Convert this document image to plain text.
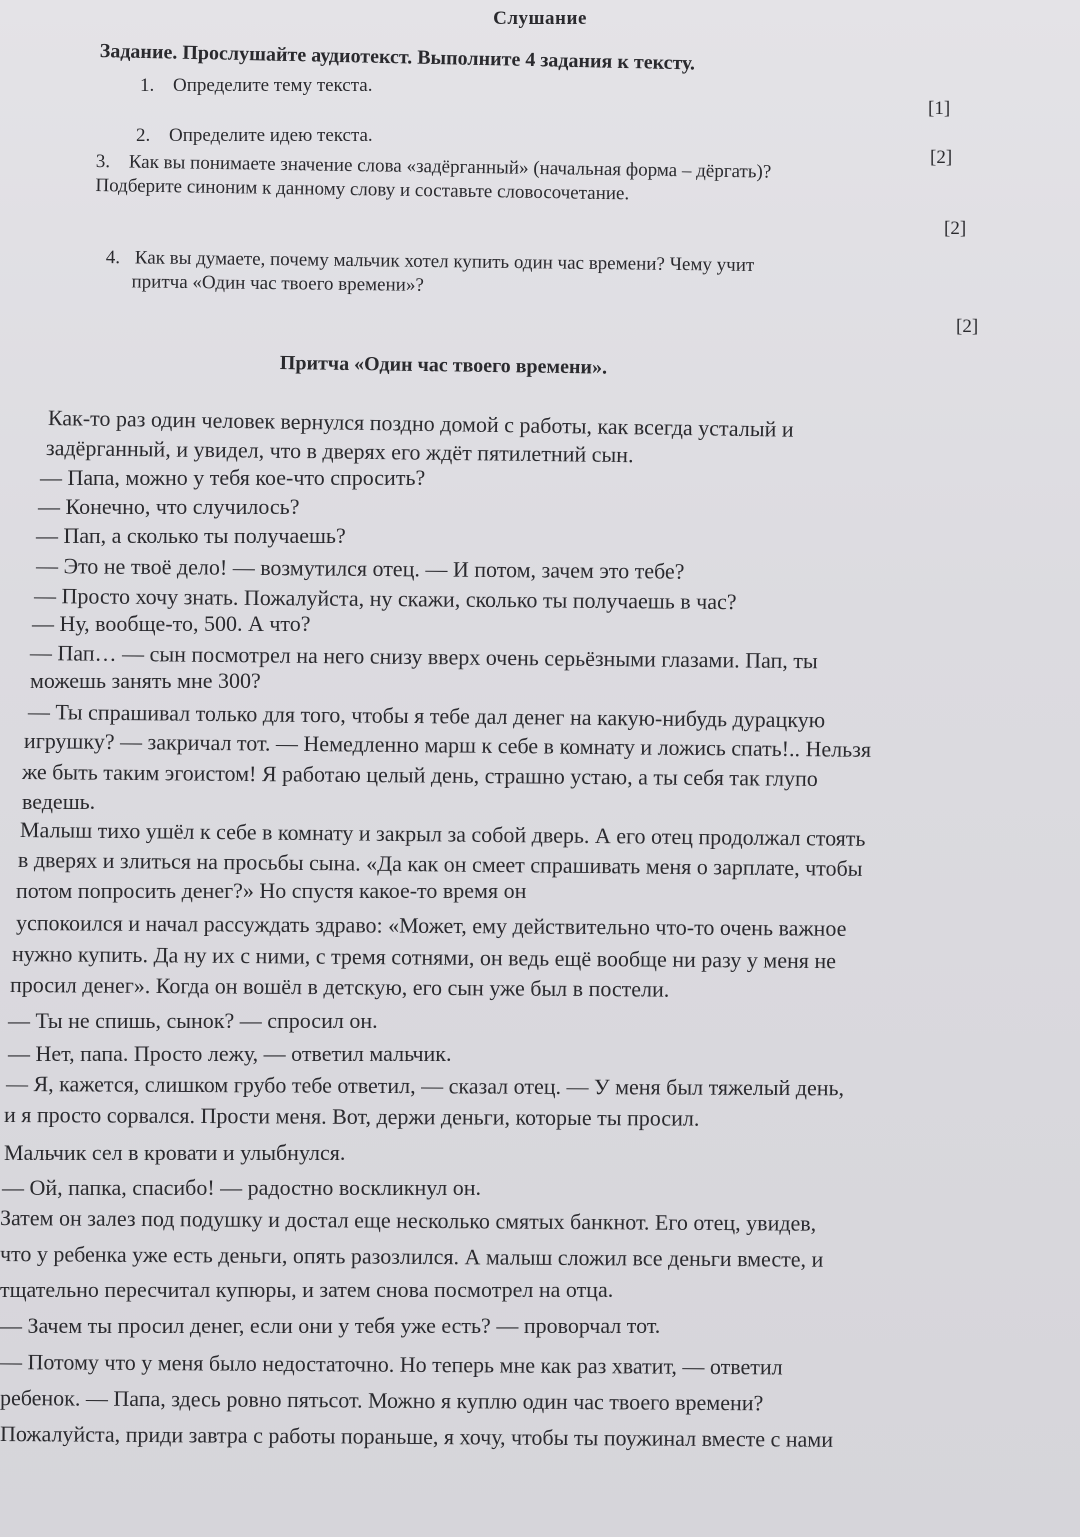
Слушание
Задание. Прослушайте аудиотекст. Выполните 4 задания к тексту.
1. Определите тему текста.
[1]
2. Определите идею текста.
[2]
3. Как вы понимаете значение слова «задёрганный» (начальная форма – дёргать)?
Подберите синоним к данному слову и составьте словосочетание.
[2]
4. Как вы думаете, почему мальчик хотел купить один час времени? Чему учит
притча «Один час твоего времени»?
[2]
Притча «Один час твоего времени».
Как-то раз один человек вернулся поздно домой с работы, как всегда усталый и
задёрганный, и увидел, что в дверях его ждёт пятилетний сын.
— Папа, можно у тебя кое-что спросить?
— Конечно, что случилось?
— Пап, а сколько ты получаешь?
— Это не твоё дело! — возмутился отец. — И потом, зачем это тебе?
— Просто хочу знать. Пожалуйста, ну скажи, сколько ты получаешь в час?
— Ну, вообще-то, 500. А что?
— Пап… — сын посмотрел на него снизу вверх очень серьёзными глазами. Пап, ты
можешь занять мне 300?
— Ты спрашивал только для того, чтобы я тебе дал денег на какую-нибудь дурацкую
игрушку? — закричал тот. — Немедленно марш к себе в комнату и ложись спать!.. Нельзя
же быть таким эгоистом! Я работаю целый день, страшно устаю, а ты себя так глупо
ведешь.
Малыш тихо ушёл к себе в комнату и закрыл за собой дверь. А его отец продолжал стоять
в дверях и злиться на просьбы сына. «Да как он смеет спрашивать меня о зарплате, чтобы
потом попросить денег?» Но спустя какое-то время он
успокоился и начал рассуждать здраво: «Может, ему действительно что-то очень важное
нужно купить. Да ну их с ними, с тремя сотнями, он ведь ещё вообще ни разу у меня не
просил денег». Когда он вошёл в детскую, его сын уже был в постели.
— Ты не спишь, сынок? — спросил он.
— Нет, папа. Просто лежу, — ответил мальчик.
— Я, кажется, слишком грубо тебе ответил, — сказал отец. — У меня был тяжелый день,
и я просто сорвался. Прости меня. Вот, держи деньги, которые ты просил.
Мальчик сел в кровати и улыбнулся.
— Ой, папка, спасибо! — радостно воскликнул он.
Затем он залез под подушку и достал еще несколько смятых банкнот. Его отец, увидев,
что у ребенка уже есть деньги, опять разозлился. А малыш сложил все деньги вместе, и
тщательно пересчитал купюры, и затем снова посмотрел на отца.
— Зачем ты просил денег, если они у тебя уже есть? — проворчал тот.
— Потому что у меня было недостаточно. Но теперь мне как раз хватит, — ответил
ребенок. — Папа, здесь ровно пятьсот. Можно я куплю один час твоего времени?
Пожалуйста, приди завтра с работы пораньше, я хочу, чтобы ты поужинал вместе с нами
